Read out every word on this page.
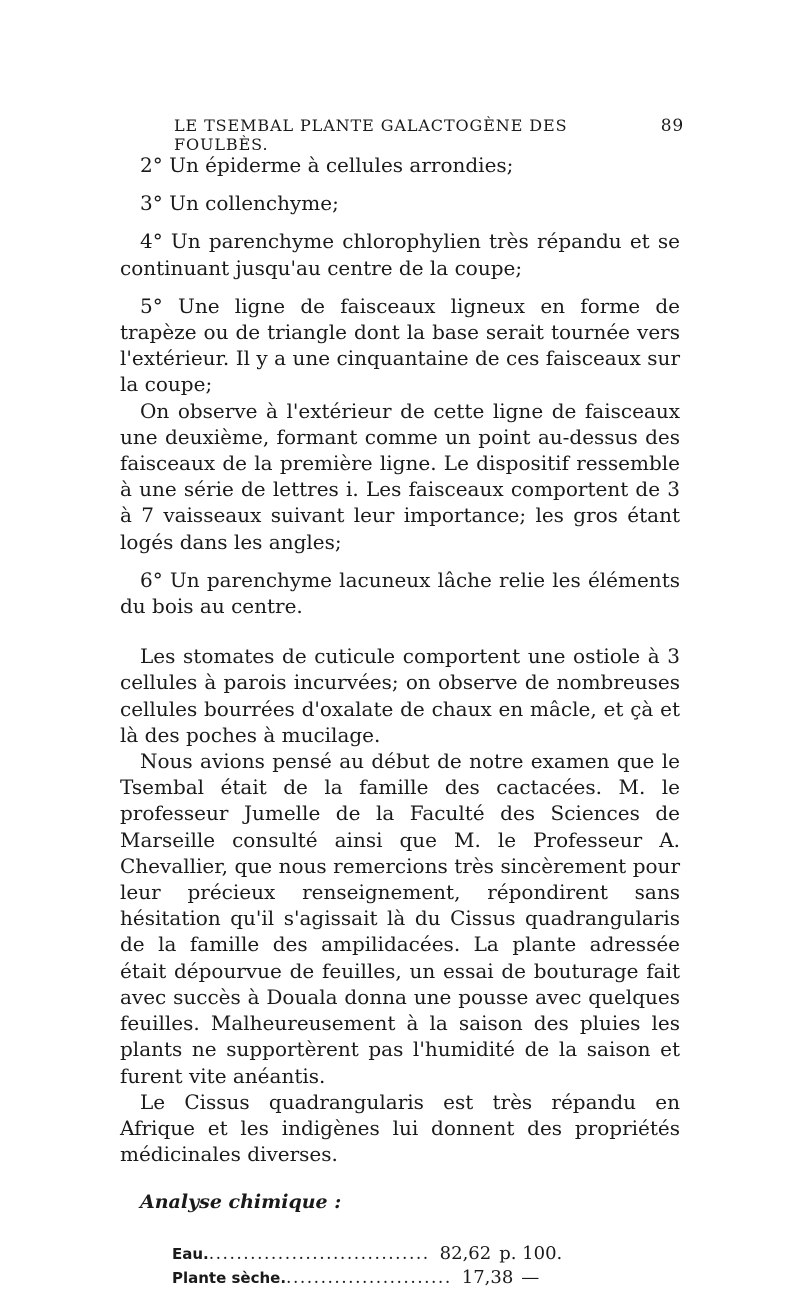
LE TSEMBAL PLANTE GALACTOGÈNE DES FOULBÈS.
89

2° Un épiderme à cellules arrondies;

3° Un collenchyme;

4° Un parenchyme chlorophylien très répandu et se continuant jusqu'au centre de la coupe;

5° Une ligne de faisceaux ligneux en forme de trapèze ou de triangle dont la base serait tournée vers l'extérieur. Il y a une cinquantaine de ces faisceaux sur la coupe;

On observe à l'extérieur de cette ligne de faisceaux une deuxième, formant comme un point au-dessus des faisceaux de la première ligne. Le dispositif ressemble à une série de lettres i. Les faisceaux comportent de 3 à 7 vaisseaux suivant leur importance; les gros étant logés dans les angles;

6° Un parenchyme lacuneux lâche relie les éléments du bois au centre.

Les stomates de cuticule comportent une ostiole à 3 cellules à parois incurvées; on observe de nombreuses cellules bourrées d'oxalate de chaux en mâcle, et çà et là des poches à mucilage.

Nous avions pensé au début de notre examen que le Tsembal était de la famille des cactacées. M. le professeur Jumelle de la Faculté des Sciences de Marseille consulté ainsi que M. le Professeur A. Chevallier, que nous remercions très sincèrement pour leur précieux renseignement, répondirent sans hésitation qu'il s'agissait là du Cissus quadrangularis de la famille des ampilidacées. La plante adressée était dépourvue de feuilles, un essai de bouturage fait avec succès à Douala donna une pousse avec quelques feuilles. Malheureusement à la saison des pluies les plants ne supportèrent pas l'humidité de la saison et furent vite anéantis.

Le Cissus quadrangularis est très répandu en Afrique et les indigènes lui donnent des propriétés médicinales diverses.

Analyse chimique :
Eau. ................................ 82,62 p. 100.
Plante sèche. ........................ 17,38 —
